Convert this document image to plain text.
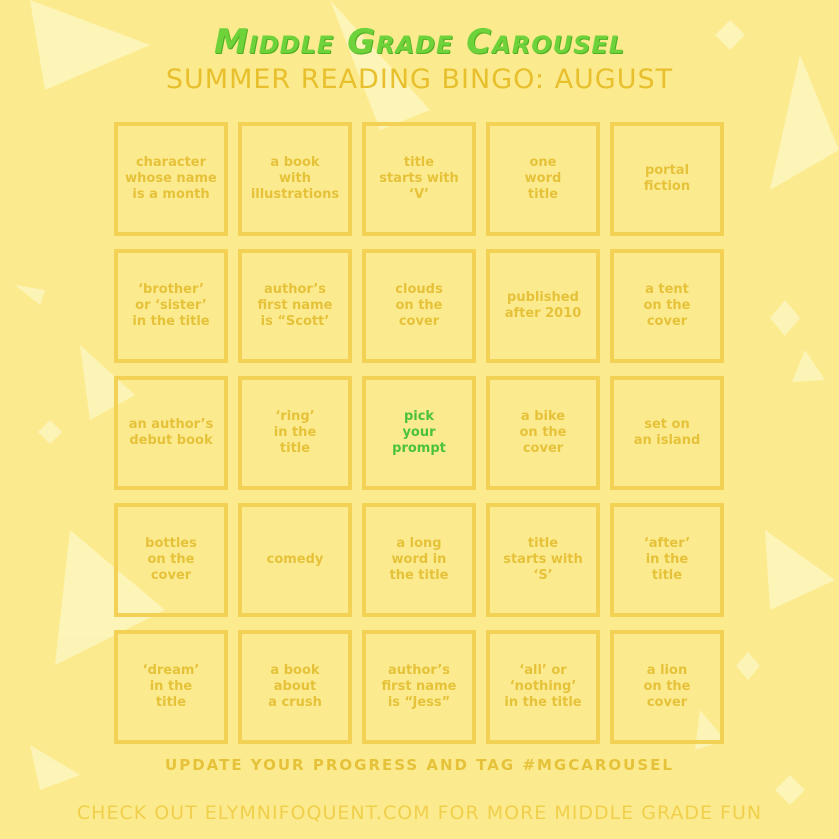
Middle Grade Carousel
SUMMER READING BINGO: AUGUST
character
whose name
is a month
a book
with
illustrations
title
starts with
‘V’
one
word
title
portal
fiction
‘brother’
or ‘sister’
in the title
author’s
first name
is “Scott’
clouds
on the
cover
published
after 2010
a tent
on the
cover
an author’s
debut book
‘ring’
in the
title
pick
your
prompt
a bike
on the
cover
set on
an island
bottles
on the
cover
comedy
a long
word in
the title
title
starts with
‘S’
‘after’
in the
title
‘dream’
in the
title
a book
about
a crush
author’s
first name
is “Jess”
‘all’ or
‘nothing’
in the title
a lion
on the
cover
UPDATE YOUR PROGRESS AND TAG #MGCAROUSEL
CHECK OUT ELYMNIFOQUENT.COM FOR MORE MIDDLE GRADE FUN
